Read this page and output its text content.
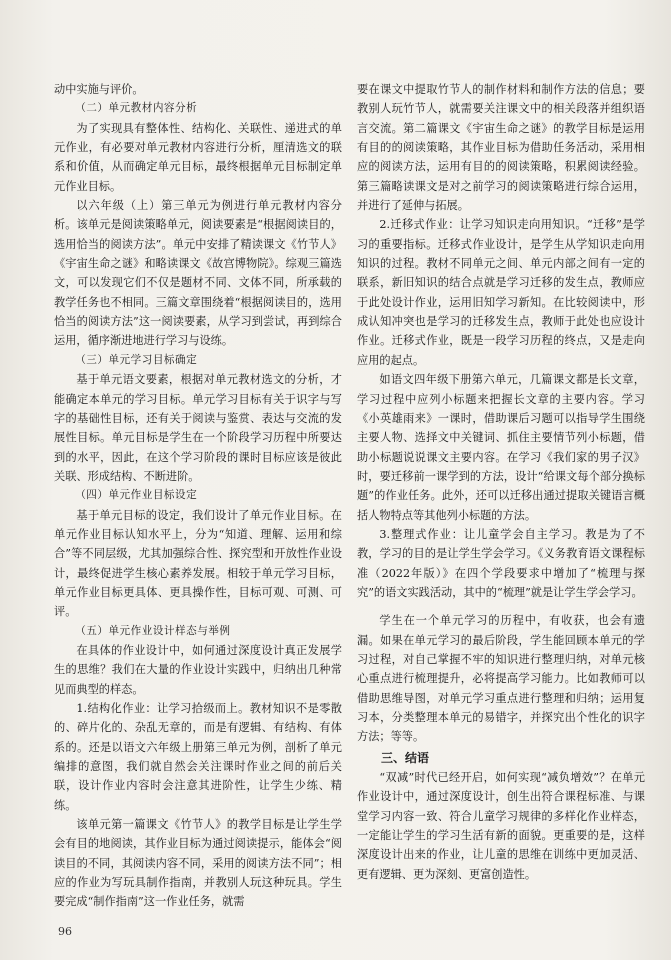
动中实施与评价。
（二）单元教材内容分析
为了实现具有整体性、结构化、关联性、递进式的单元作业，有必要对单元教材内容进行分析，厘清选文的联系和价值，从而确定单元目标，最终根据单元目标制定单元作业目标。
以六年级（上）第三单元为例进行单元教材内容分析。该单元是阅读策略单元，阅读要素是“根据阅读目的，选用恰当的阅读方法”。单元中安排了精读课文《竹节人》《宇宙生命之谜》和略读课文《故宫博物院》。综观三篇选文，可以发现它们不仅是题材不同、文体不同，所承载的教学任务也不相同。三篇文章围绕着“根据阅读目的，选用恰当的阅读方法”这一阅读要素，从学习到尝试，再到综合运用，循序渐进地进行学习与设练。
（三）单元学习目标确定
基于单元语文要素，根据对单元教材选文的分析，才能确定本单元的学习目标。单元学习目标有关于识字与写字的基础性目标，还有关于阅读与鉴赏、表达与交流的发展性目标。单元目标是学生在一个阶段学习历程中所要达到的水平，因此，在这个学习阶段的课时目标应该是彼此关联、形成结构、不断进阶。
（四）单元作业目标设定
基于单元目标的设定，我们设计了单元作业目标。在单元作业目标认知水平上，分为“知道、理解、运用和综合”等不同层级，尤其加强综合性、探究型和开放性作业设计，最终促进学生核心素养发展。相较于单元学习目标，单元作业目标更具体、更具操作性，目标可观、可测、可评。
（五）单元作业设计样态与举例
在具体的作业设计中，如何通过深度设计真正发展学生的思维？我们在大量的作业设计实践中，归纳出几种常见而典型的样态。
1.结构化作业：让学习拾级而上。教材知识不是零散的、碎片化的、杂乱无章的，而是有逻辑、有结构、有体系的。还是以语文六年级上册第三单元为例，剖析了单元编排的意图，我们就自然会关注课时作业之间的前后关联，设计作业内容时会注意其进阶性，让学生少练、精练。
该单元第一篇课文《竹节人》的教学目标是让学生学会有目的地阅读，其作业目标为通过阅读提示，能体会“阅读目的不同，其阅读内容不同，采用的阅读方法不同”；相应的作业为写玩具制作指南，并教别人玩这种玩具。学生要完成“制作指南”这一作业任务，就需
要在课文中提取竹节人的制作材料和制作方法的信息；要教别人玩竹节人，就需要关注课文中的相关段落并组织语言交流。第二篇课文《宇宙生命之谜》的教学目标是运用有目的的阅读策略，其作业目标为借助任务活动，采用相应的阅读方法，运用有目的的阅读策略，积累阅读经验。第三篇略读课文是对之前学习的阅读策略进行综合运用，并进行了延伸与拓展。
2.迁移式作业：让学习知识走向用知识。“迁移”是学习的重要指标。迁移式作业设计，是学生从学知识走向用知识的过程。教材不同单元之间、单元内部之间有一定的联系，新旧知识的结合点就是学习迁移的发生点，教师应于此处设计作业，运用旧知学习新知。在比较阅读中，形成认知冲突也是学习的迁移发生点，教师于此处也应设计作业。迁移式作业，既是一段学习历程的终点，又是走向应用的起点。
如语文四年级下册第六单元，几篇课文都是长文章，学习过程中应列小标题来把握长文章的主要内容。学习《小英雄雨来》一课时，借助课后习题可以指导学生围绕主要人物、选择文中关键词、抓住主要情节列小标题，借助小标题说说课文主要内容。在学习《我们家的男子汉》时，要迁移前一课学到的方法，设计“给课文每个部分换标题”的作业任务。此外，还可以迁移出通过提取关键语言概括人物特点等其他列小标题的方法。
3.整理式作业：让儿童学会自主学习。教是为了不教，学习的目的是让学生学会学习。《义务教育语文课程标准（2022年版）》在四个学段要求中增加了“梳理与探究”的语文实践活动，其中的“梳理”就是让学生学会学习。
学生在一个单元学习的历程中，有收获，也会有遗漏。如果在单元学习的最后阶段，学生能回顾本单元的学习过程，对自己掌握不牢的知识进行整理归纳，对单元核心重点进行梳理提升，必将提高学习能力。比如教师可以借助思维导图，对单元学习重点进行整理和归纳；运用复习本，分类整理本单元的易错字，并探究出个性化的识字方法；等等。
三、结语
“双减”时代已经开启，如何实现“减负增效”？在单元作业设计中，通过深度设计，创生出符合课程标准、与课堂学习内容一致、符合儿童学习规律的多样化作业样态，一定能让学生的学习生活有新的面貌。更重要的是，这样深度设计出来的作业，让儿童的思维在训练中更加灵活、更有逻辑、更为深刻、更富创造性。
96
